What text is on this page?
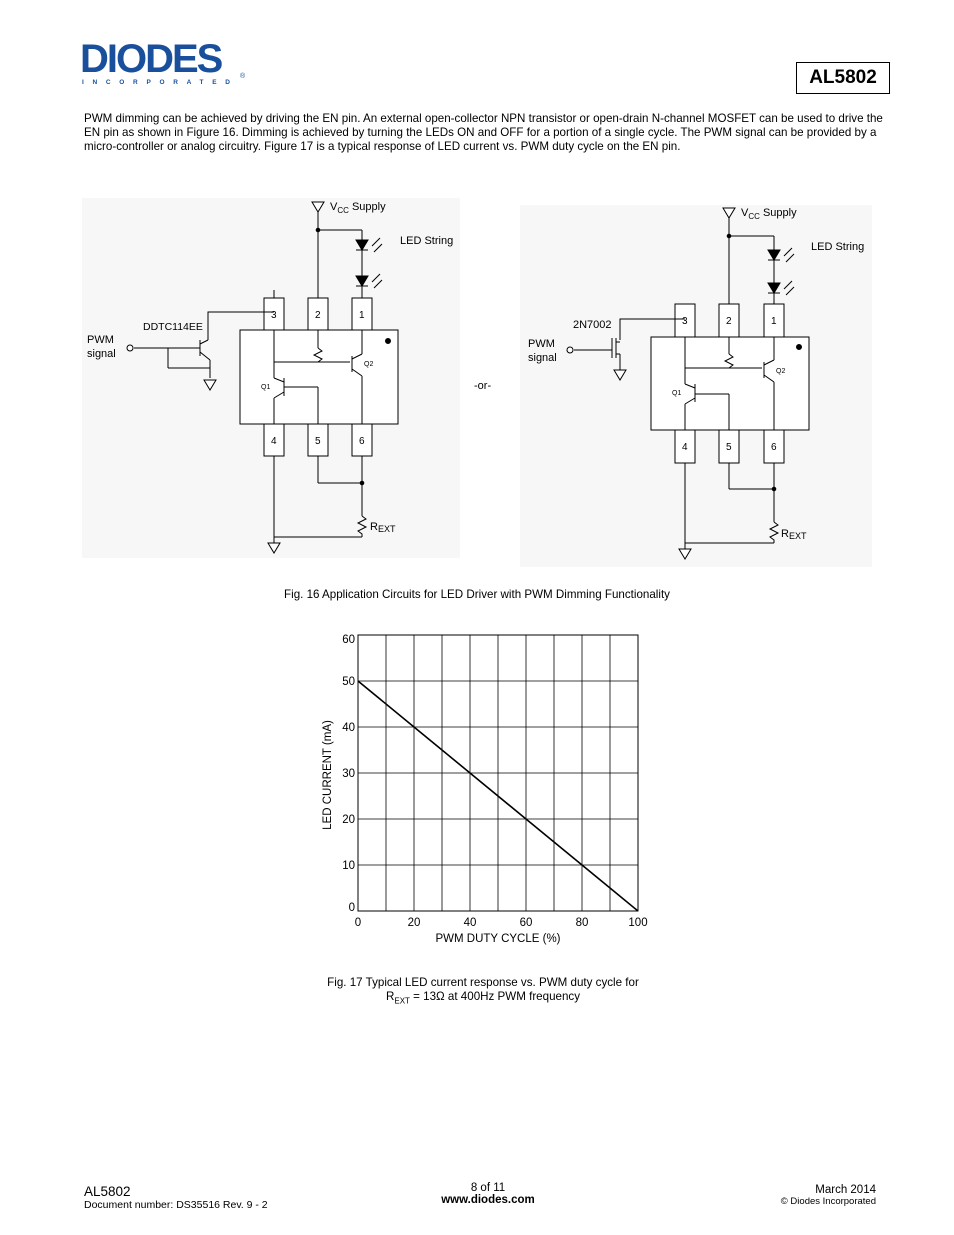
DIODES
INCORPORATED
®	AL5802
PWM dimming can be achieved by driving the EN pin. An external open-collector NPN transistor or open-drain N-channel MOSFET can be used to drive the EN pin as shown in Figure 16. Dimming is achieved by turning the LEDs ON and OFF for a portion of a single cycle. The PWM signal can be provided by a micro-controller or analog circuitry. Figure 17 is a typical response of LED current vs. PWM duty cycle on the EN pin.
$V_{CC}$ Supply
LED String
DDTC114EE
PWM
signal
3	2	1
4	5	6
Q1
Q2
REXT
-or-
$V_{CC}$ Supply
LED String
2N7002
PWM
signal
3	2	1
4	5	6
Q1
Q2
REXT
Fig. 16 Application Circuits for LED Driver with PWM Dimming Functionality
0	20	40	60	80	100
0
10
20
30
40
50
60
PWM DUTY CYCLE (%)
LED CURRENT (mA)
Fig. 17 Typical LED current response vs. PWM duty cycle for
$R_{EXT} = 13\Omega$ at 400Hz PWM frequency
AL5802
Document number: DS35516 Rev. 9 - 2
8 of 11
www.diodes.com
March 2014
© Diodes Incorporated
